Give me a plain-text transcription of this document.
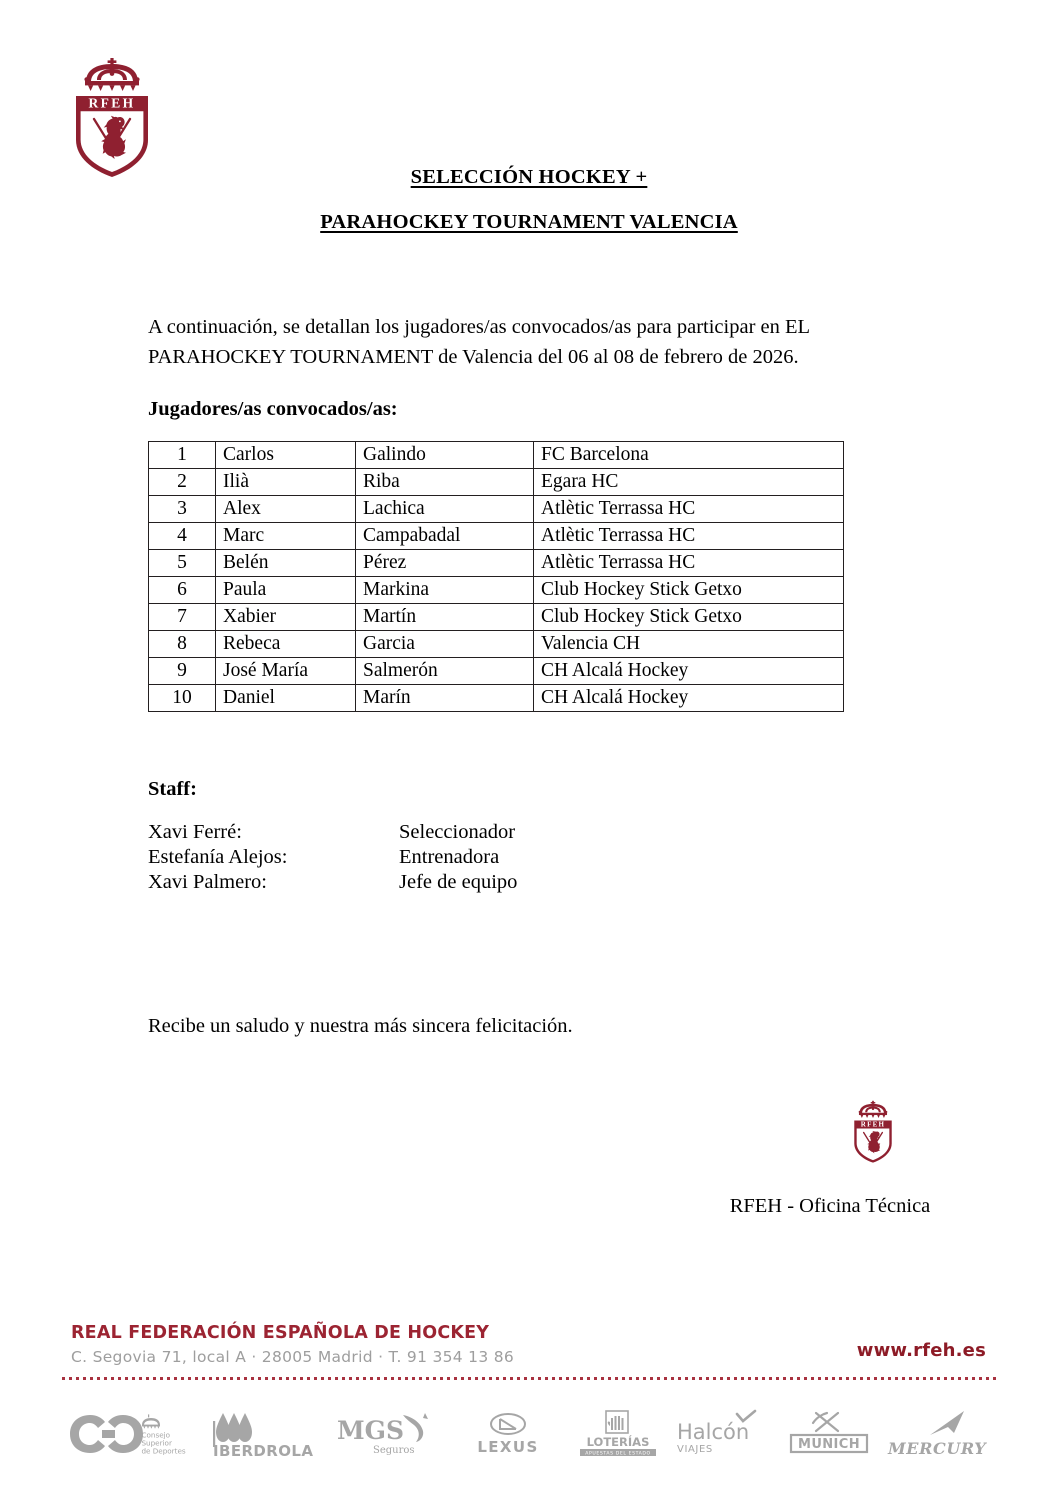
RFEH
SELECCIÓN HOCKEY +
PARAHOCKEY TOURNAMENT VALENCIA

A continuación, se detallan los jugadores/as convocados/as para participar en EL PARAHOCKEY TOURNAMENT de Valencia del 06 al 08 de febrero de 2026.

Jugadores/as convocados/as:
1	Carlos	Galindo	FC Barcelona
2	Ilià	Riba	Egara HC
3	Alex	Lachica	Atlètic Terrassa HC
4	Marc	Campabadal	Atlètic Terrassa HC
5	Belén	Pérez	Atlètic Terrassa HC
6	Paula	Markina	Club Hockey Stick Getxo
7	Xabier	Martín	Club Hockey Stick Getxo
8	Rebeca	Garcia	Valencia CH
9	José María	Salmerón	CH Alcalá Hockey
10	Daniel	Marín	CH Alcalá Hockey
Staff:
Xavi Ferré:	Seleccionador
Estefanía Alejos:	Entrenadora
Xavi Palmero:	Jefe de equipo
Recibe un saludo y nuestra más sincera felicitación.
RFEH
RFEH - Oficina Técnica
REAL FEDERACIÓN ESPAÑOLA DE HOCKEY
C. Segovia 71, local A · 28005 Madrid · T. 91 354 13 86	www.rfeh.es
Consejo
Superior
de Deportes IBERDROLA
MGS
Seguros	LEXUS	LOTERÍAS
APUESTAS DEL ESTADO
Halcón
VIAJES	MUNICH MERCURY
